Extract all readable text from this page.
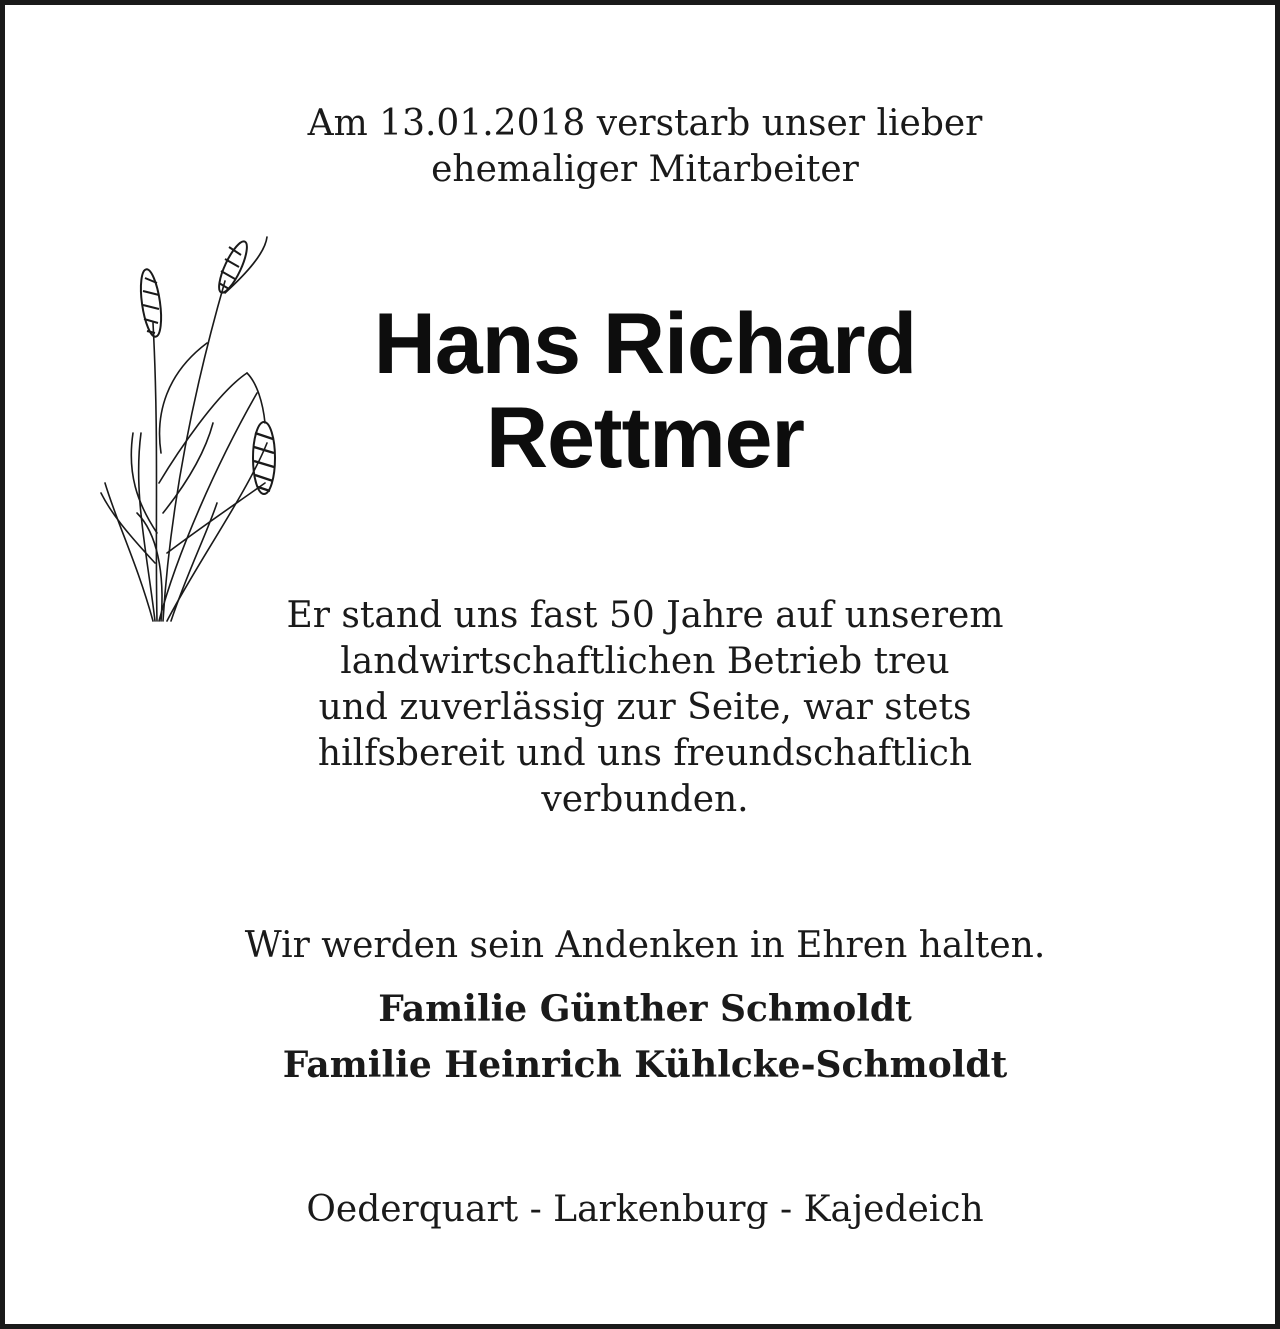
Am 13.01.2018 verstarb unser lieber
ehemaliger Mitarbeiter
Hans Richard
Rettmer
Er stand uns fast 50 Jahre auf unserem
landwirtschaftlichen Betrieb treu
und zuverlässig zur Seite, war stets
hilfsbereit und uns freundschaftlich
verbunden.
Wir werden sein Andenken in Ehren halten.
Familie Günther Schmoldt
Familie Heinrich Kühlcke-Schmoldt
Oederquart - Larkenburg - Kajedeich
